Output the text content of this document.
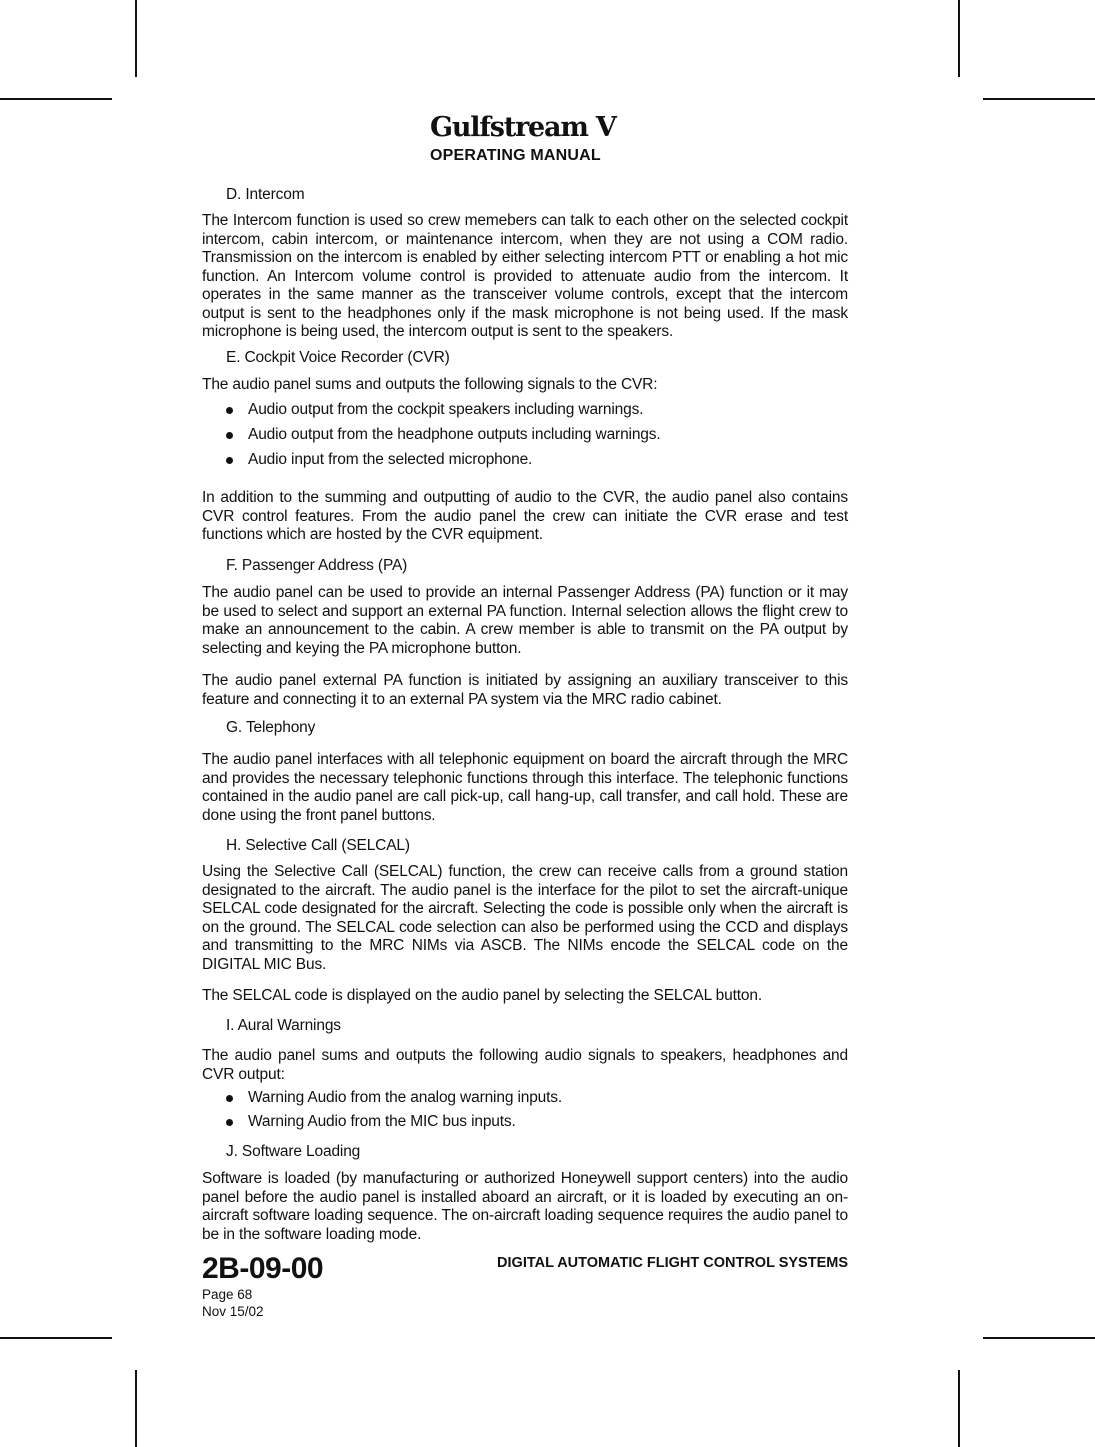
Gulfstream V
OPERATING MANUAL
D. Intercom
The Intercom function is used so crew memebers can talk to each other on the selected cockpit intercom, cabin intercom, or maintenance intercom, when they are not using a COM radio. Transmission on the intercom is enabled by either selecting intercom PTT or enabling a hot mic function. An Intercom volume control is provided to attenuate audio from the intercom. It operates in the same manner as the transceiver volume controls, except that the intercom output is sent to the headphones only if the mask microphone is not being used. If the mask microphone is being used, the intercom output is sent to the speakers.
E. Cockpit Voice Recorder (CVR)
The audio panel sums and outputs the following signals to the CVR:
Audio output from the cockpit speakers including warnings.
Audio output from the headphone outputs including warnings.
Audio input from the selected microphone.
In addition to the summing and outputting of audio to the CVR, the audio panel also contains CVR control features. From the audio panel the crew can initiate the CVR erase and test functions which are hosted by the CVR equipment.
F. Passenger Address (PA)
The audio panel can be used to provide an internal Passenger Address (PA) function or it may be used to select and support an external PA function. Internal selection allows the flight crew to make an announcement to the cabin. A crew member is able to transmit on the PA output by selecting and keying the PA microphone button.
The audio panel external PA function is initiated by assigning an auxiliary transceiver to this feature and connecting it to an external PA system via the MRC radio cabinet.
G. Telephony
The audio panel interfaces with all telephonic equipment on board the aircraft through the MRC and provides the necessary telephonic functions through this interface. The telephonic functions contained in the audio panel are call pick-up, call hang-up, call transfer, and call hold. These are done using the front panel buttons.
H. Selective Call (SELCAL)
Using the Selective Call (SELCAL) function, the crew can receive calls from a ground station designated to the aircraft. The audio panel is the interface for the pilot to set the aircraft-unique SELCAL code designated for the aircraft. Selecting the code is possible only when the aircraft is on the ground. The SELCAL code selection can also be performed using the CCD and displays and transmitting to the MRC NIMs via ASCB. The NIMs encode the SELCAL code on the DIGITAL MIC Bus.
The SELCAL code is displayed on the audio panel by selecting the SELCAL button.
I. Aural Warnings
The audio panel sums and outputs the following audio signals to speakers, headphones and CVR output:
Warning Audio from the analog warning inputs.
Warning Audio from the MIC bus inputs.
J. Software Loading
Software is loaded (by manufacturing or authorized Honeywell support centers) into the audio panel before the audio panel is installed aboard an aircraft, or it is loaded by executing an on-aircraft software loading sequence. The on-aircraft loading sequence requires the audio panel to be in the software loading mode.
2B-09-00	DIGITAL AUTOMATIC FLIGHT CONTROL SYSTEMS
Page 68
Nov 15/02
